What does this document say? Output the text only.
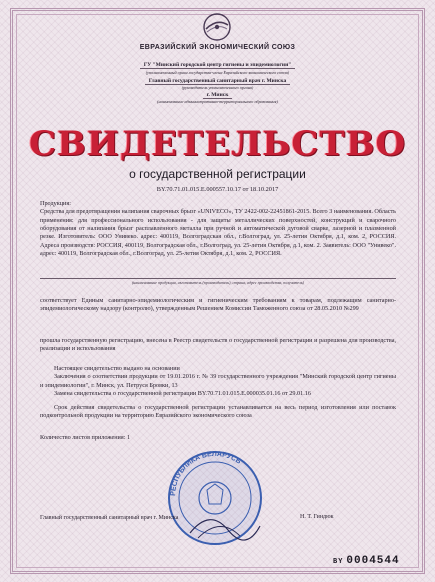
ЕВРАЗИЙСКИЙ ЭКОНОМИЧЕСКИЙ СОЮЗ
ГУ "Минский городской центр гигиены и эпидемиологии"
(уполномоченный орган государства-члена Евразийского экономического союза)
Главный государственный санитарный врач г. Минска
(руководитель уполномоченного органа)
г. Минск
(наименование административно-территориального образования)
СВИДЕТЕЛЬСТВО
о государственной регистрации
BY.70.71.01.015.E.000557.10.17 от 18.10.2017

Продукция:

Средства для предотвращения налипания сварочных брызг «UNIVECO», ТУ 2422-002-22451861-2015. Всего 3 наименования. Область применения: для профессионального использования - для защиты металлических поверхностей, конструкций и сварочного оборудования от налипания брызг расплавленного металла при ручной и автоматической дуговой сварке, лазерной и плазменной резке. Изготовитель: ООО Унивеко. адрес: 400119, Волгоградская обл., г.Волгоград, ул. 25-летия Октября, д.1, ком. 2, РОССИЯ. Адреса производств: РОССИЯ, 400119, Волгоградская обл., г.Волгоград, ул. 25-летия Октября, д.1, ком. 2. Заявитель: ООО "Унивеко". адрес: 400119, Волгоградская обл., г.Волгоград, ул. 25-летия Октября, д.1, ком. 2, РОССИЯ.

(наименование продукции, изготовитель (производитель), страна, адрес производства, получатель)
соответствует Единым санитарно-эпидемиологическим и гигиеническим требованиям к товарам, подлежащим санитарно-эпидемиологическому надзору (контролю), утвержденным Решением Комиссии Таможенного союза от 28.05.2010 №299
прошла государственную регистрацию, внесена в Реестр свидетельств о государственной регистрации и разрешена для производства, реализации и использования
Настоящее свидетельство выдано на основании
Заключения о соответствии продукции от 19.01.2016 г. № 39 государственного учреждения "Минский городской центр гигиены и эпидемиологии", г. Минск, ул. Петруся Бровки, 13
Замена свидетельства о государственной регистрации BY.70.71.01.015.E.000035.01.16 от 29.01.16
Срок действия свидетельства о государственной регистрации устанавливается на весь период изготовления или поставок подконтрольной продукции на территорию Евразийского экономического союза
Количество листов приложения: 1
РЕСПУБЛИКА БЕЛАРУСЬ
Главный государственный санитарный врач г. Минска	Н. Т. Гиндюк
BY 0004544
